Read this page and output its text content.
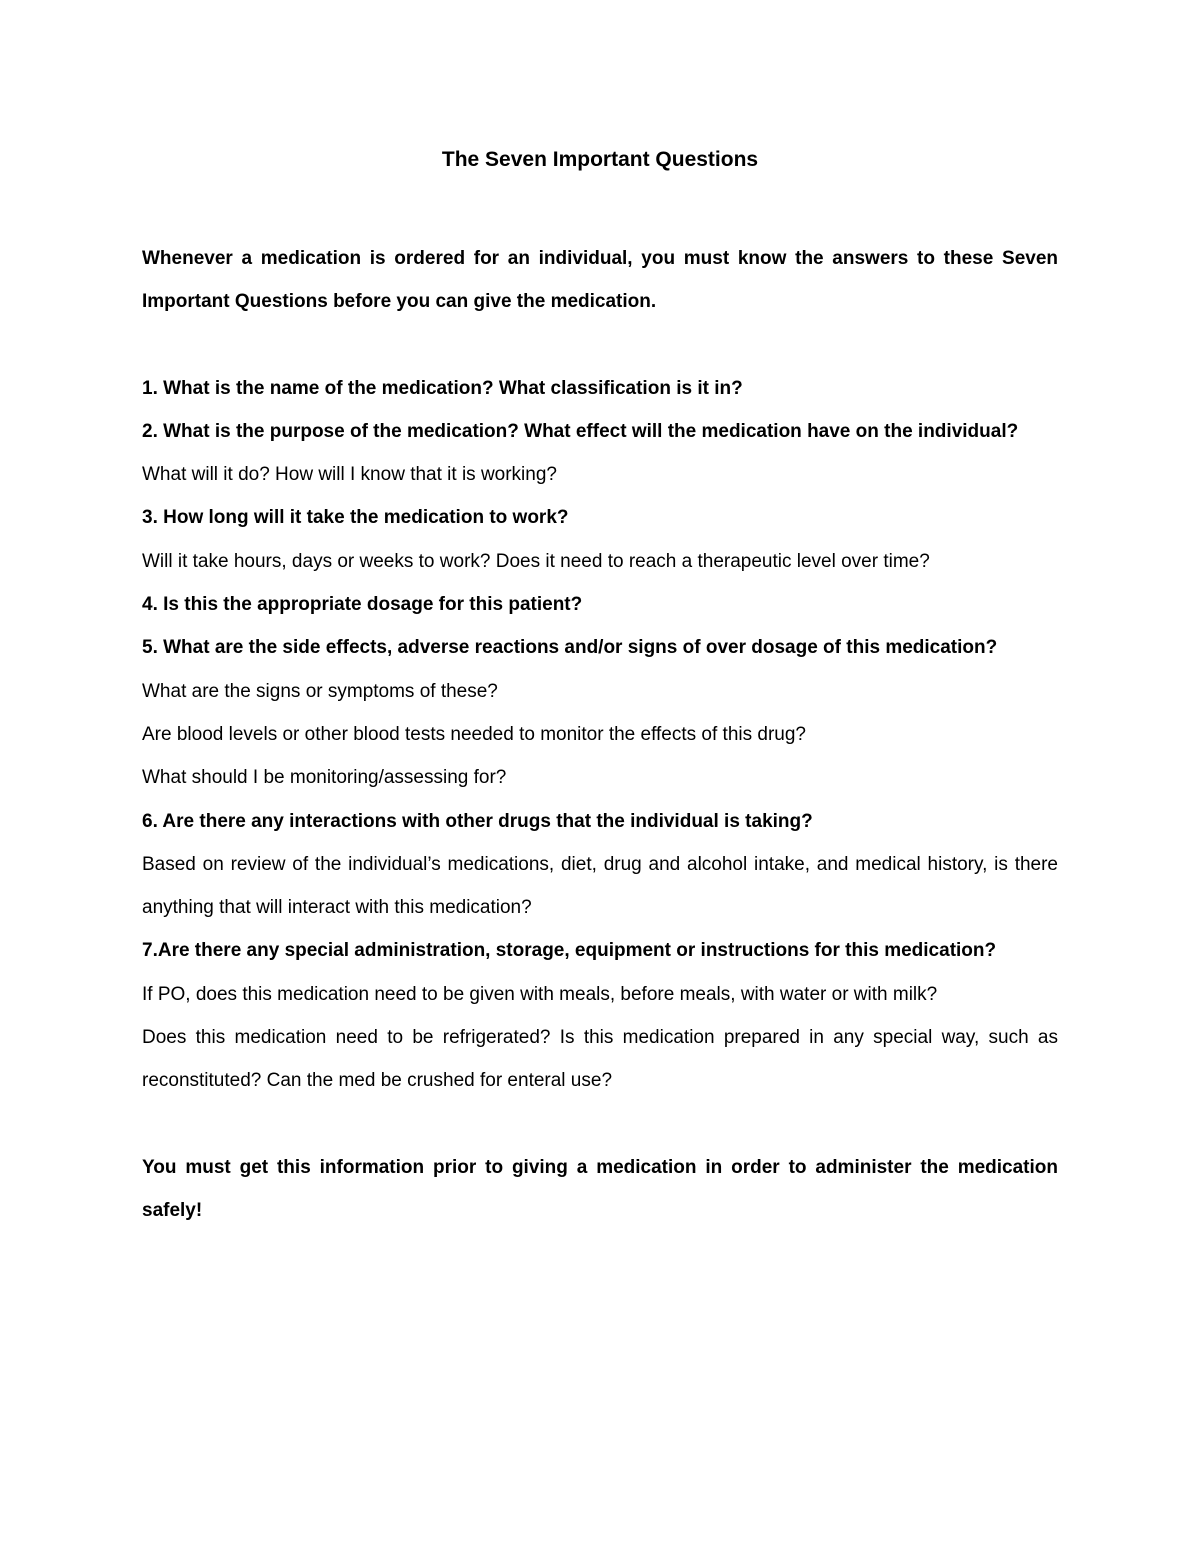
The Seven Important Questions

Whenever a medication is ordered for an individual, you must know the answers to these Seven Important Questions before you can give the medication.

1. What is the name of the medication? What classification is it in?

2. What is the purpose of the medication? What effect will the medication have on the individual?

What will it do? How will I know that it is working?

3. How long will it take the medication to work?

Will it take hours, days or weeks to work? Does it need to reach a therapeutic level over time?

4. Is this the appropriate dosage for this patient?

5. What are the side effects, adverse reactions and/or signs of over dosage of this medication?

What are the signs or symptoms of these?

Are blood levels or other blood tests needed to monitor the effects of this drug?

What should I be monitoring/assessing for?

6. Are there any interactions with other drugs that the individual is taking?

Based on review of the individual’s medications, diet, drug and alcohol intake, and medical history, is there anything that will interact with this medication?

7.Are there any special administration, storage, equipment or instructions for this medication?

If PO, does this medication need to be given with meals, before meals, with water or with milk?

Does this medication need to be refrigerated? Is this medication prepared in any special way, such as reconstituted? Can the med be crushed for enteral use?

You must get this information prior to giving a medication in order to administer the medication safely!
